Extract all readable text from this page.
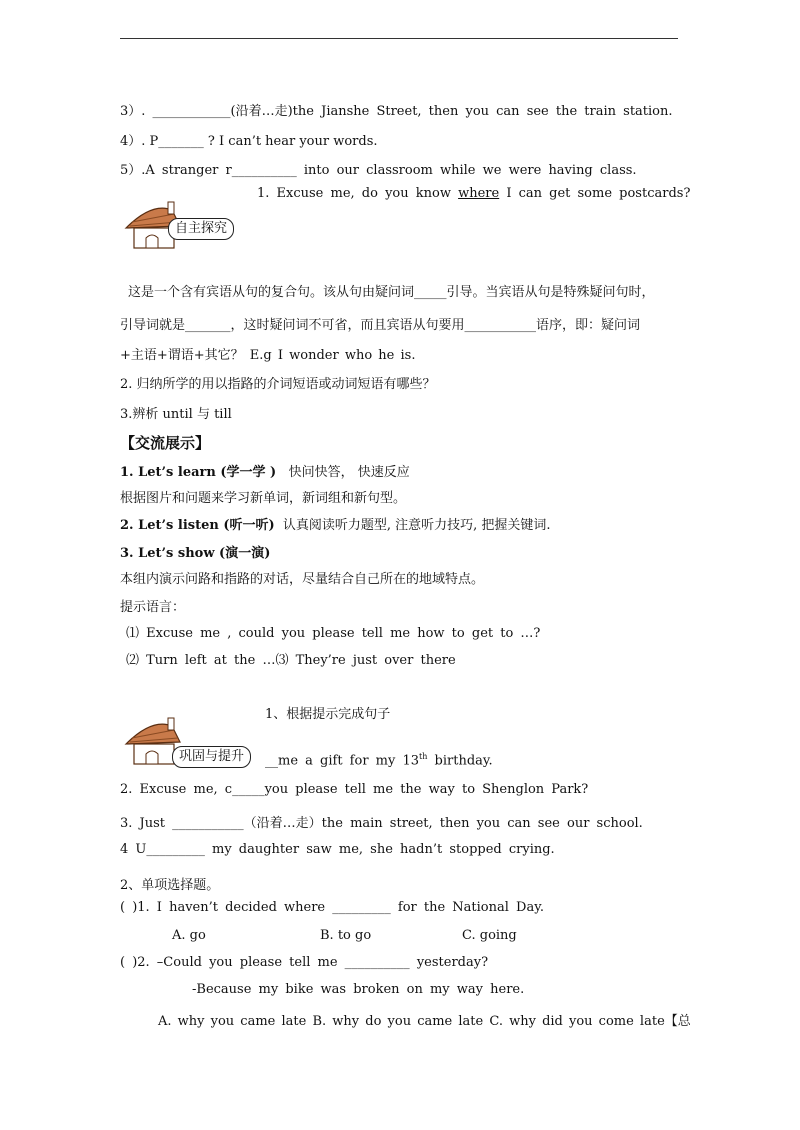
3）. ____________(沿着…走)the Jianshe Street, then you can see the train station.
4）. P_______ ? I can’t hear your words.
5）.A stranger r__________ into our classroom while we were having class.
1. Excuse me, do you know where I can get some postcards?
自主探究
这是一个含有宾语从句的复合句。该从句由疑问词_____引导。当宾语从句是特殊疑问句时，
引导词就是_______，这时疑问词不可省，而且宾语从句要用___________语序，即：疑问词
+主语+谓语+其它？ E.g I wonder who he is.
2. 归纳所学的用以指路的介词短语或动词短语有哪些？
3.辨析 until 与 till
【交流展示】
1. Let’s learn (学一学 ) 快问快答， 快速反应
根据图片和问题来学习新单词，新词组和新句型。
2. Let’s listen (听一听) 认真阅读听力题型, 注意听力技巧, 把握关键词.
3. Let’s show (演一演)
本组内演示问路和指路的对话，尽量结合自己所在的地域特点。
提示语言：
⑴ Excuse me , could you please tell me how to get to …?
⑵ Turn left at the …⑶ They’re just over there
1、根据提示完成句子
巩固与提升	__me a gift for my 13th birthday.
2. Excuse me, c_____you please tell me the way to Shenglon Park?
3. Just ___________（沿着…走）the main street, then you can see our school.
4 U_________ my daughter saw me, she hadn’t stopped crying.
2、单项选择题。
( )1. I haven’t decided where _________ for the National Day.
A. go	B. to go	C. going
( )2. –Could you please tell me __________ yesterday?
-Because my bike was broken on my way here.
A. why you came late B. why do you came late C. why did you come late【总
